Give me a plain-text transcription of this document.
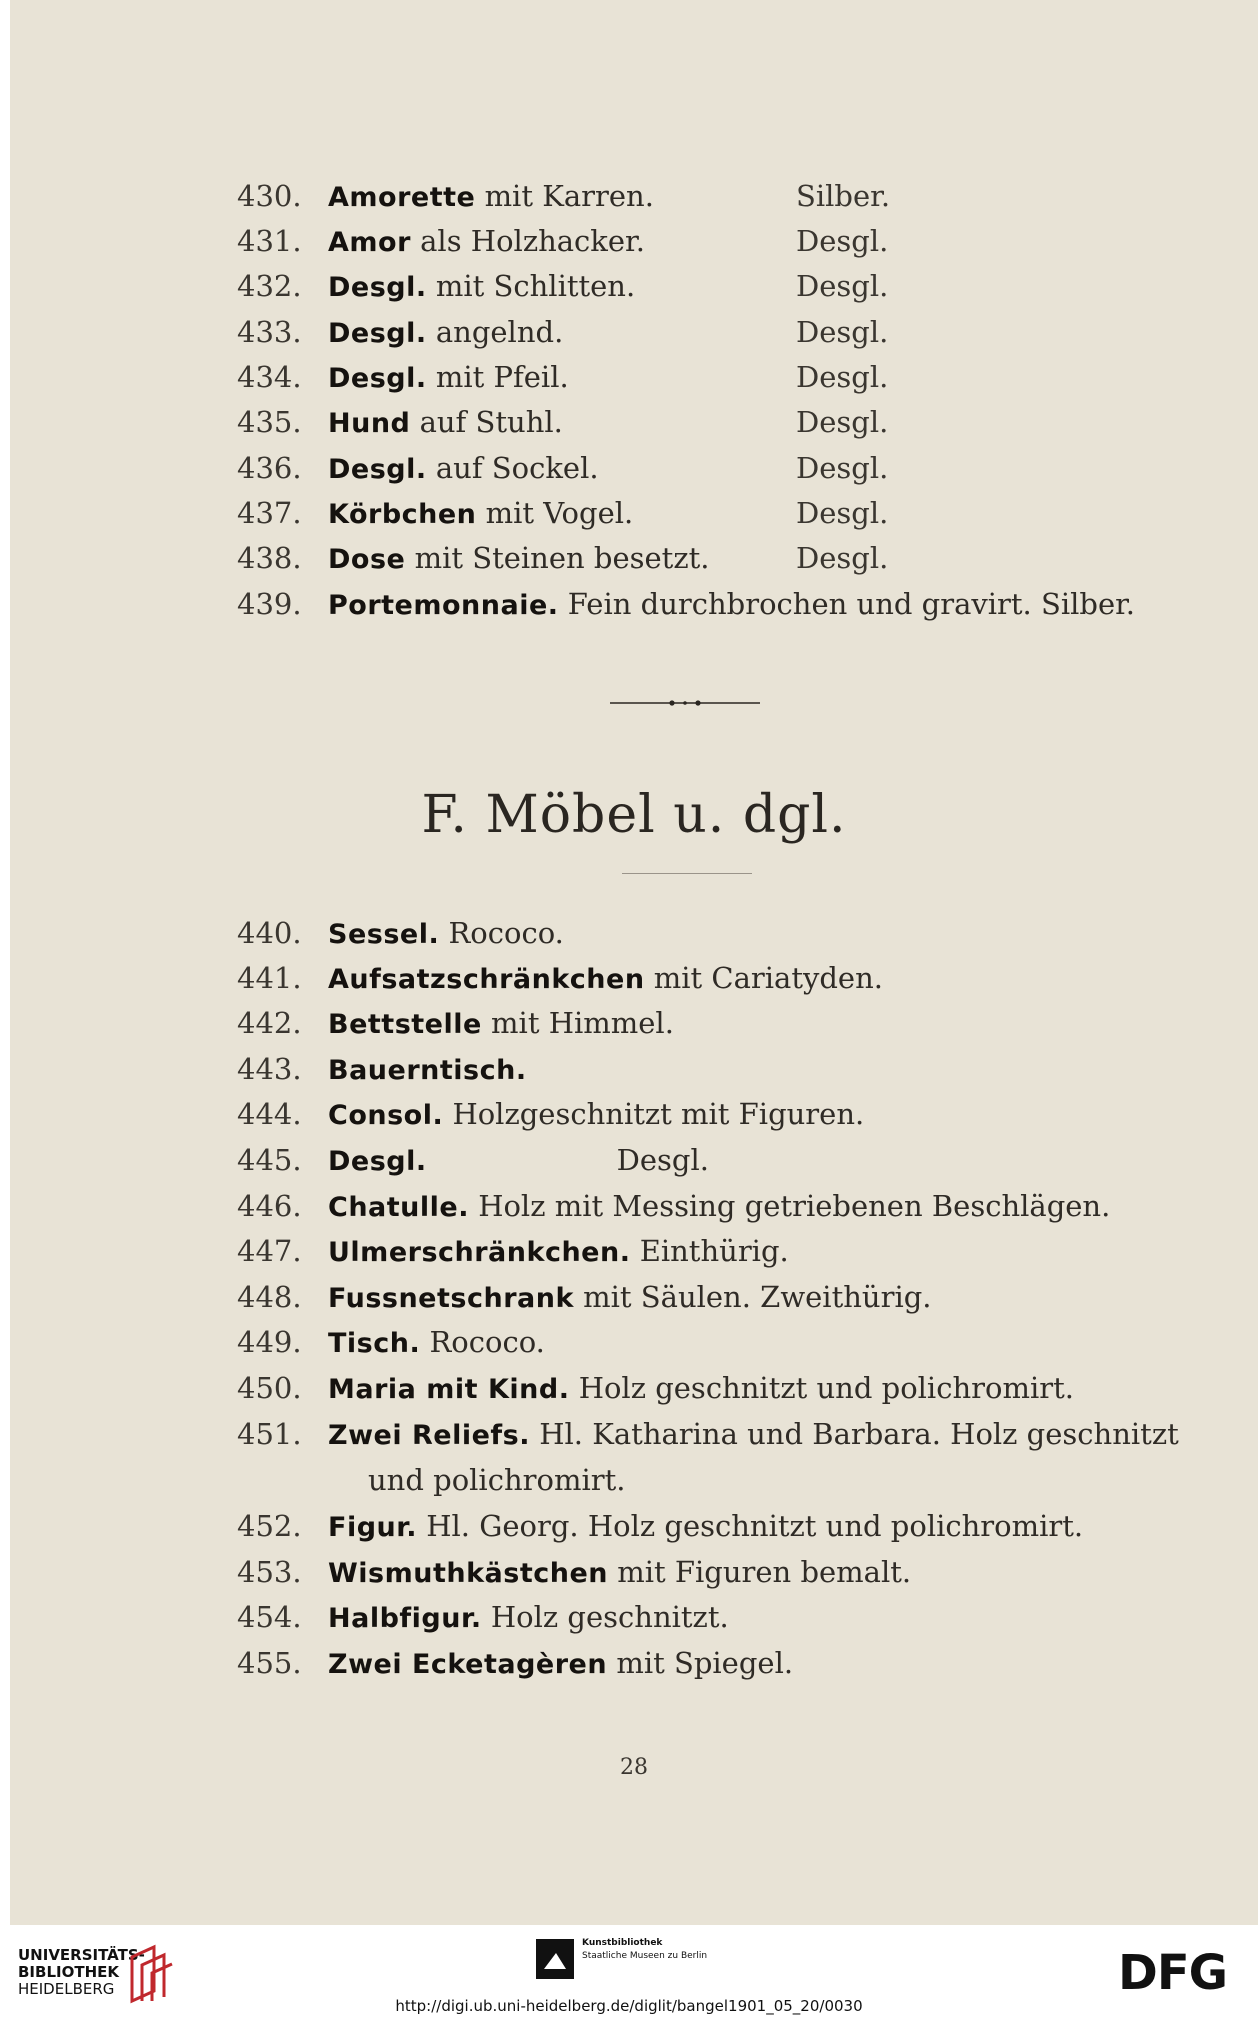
430. Amorette mit Karren.	Silber.
431. Amor als Holzhacker.	Desgl.
432. Desgl. mit Schlitten.	Desgl.
433. Desgl. angelnd.	Desgl.
434. Desgl. mit Pfeil.	Desgl.
435. Hund auf Stuhl.	Desgl.
436. Desgl. auf Sockel.	Desgl.
437. Körbchen mit Vogel.	Desgl.
438. Dose mit Steinen besetzt.	Desgl.
439. Portemonnaie. Fein durchbrochen und gravirt. Silber.
F. Möbel u. dgl.
440. Sessel. Rococo.
441. Aufsatzschränkchen mit Cariatyden.
442. Bettstelle mit Himmel.
443. Bauerntisch.
444. Consol. Holzgeschnitzt mit Figuren.
445. Desgl.	Desgl.
446. Chatulle. Holz mit Messing getriebenen Beschlägen.
447. Ulmerschränkchen. Einthürig.
448. Fussnetschrank mit Säulen. Zweithürig.
449. Tisch. Rococo.
450. Maria mit Kind. Holz geschnitzt und polichromirt.
451. Zwei Reliefs. Hl. Katharina und Barbara. Holz geschnitzt
und polichromirt.
452. Figur. Hl. Georg. Holz geschnitzt und polichromirt.
453. Wismuthkästchen mit Figuren bemalt.
454. Halbfigur. Holz geschnitzt.
455. Zwei Ecketagèren mit Spiegel.
28
UNIVERSITÄTS-
BIBLIOTHEK
HEIDELBERG
Kunstbibliothek
Staatliche Museen zu Berlin	DFG
http://digi.ub.uni-heidelberg.de/diglit/bangel1901_05_20/0030
